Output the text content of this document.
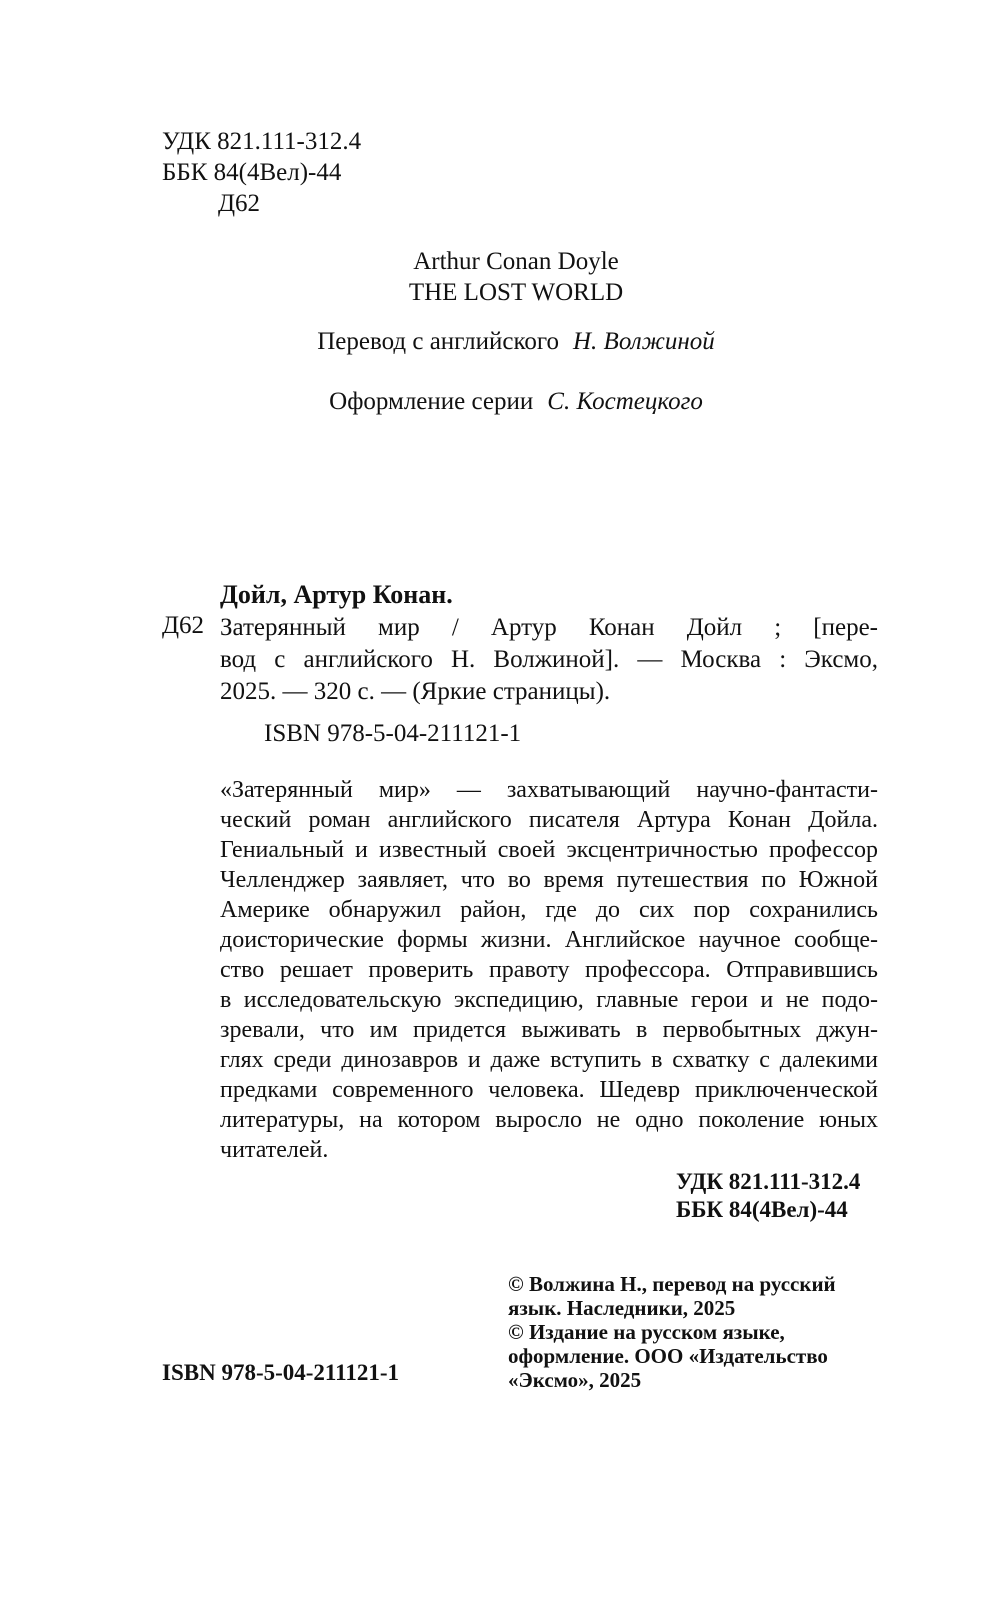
УДК 821.111-312.4
ББК 84(4Вел)-44
Д62
Arthur Conan Doyle
THE LOST WORLD
Перевод с английского Н. Волжиной
Оформление серии С. Костецкого
Дойл, Артур Конан.
Д62 Затерянный мир / Артур Конан Дойл ; [пере-
вод с английского Н. Волжиной]. — Москва : Эксмо,
2025. — 320 с. — (Яркие страницы).
ISBN 978-5-04-211121-1
«Затерянный мир» — захватывающий научно-фантасти-
ческий роман английского писателя Артура Конан Дойла.
Гениальный и известный своей эксцентричностью профессор
Челленджер заявляет, что во время путешествия по Южной
Америке обнаружил район, где до сих пор сохранились
доисторические формы жизни. Английское научное сообще-
ство решает проверить правоту профессора. Отправившись
в исследовательскую экспедицию, главные герои и не подо-
зревали, что им придется выживать в первобытных джун-
глях среди динозавров и даже вступить в схватку с далекими
предками современного человека. Шедевр приключенческой
литературы, на котором выросло не одно поколение юных
читателей.
УДК 821.111-312.4
ББК 84(4Вел)-44
© Волжина Н., перевод на русский
язык. Наследники, 2025
© Издание на русском языке,
оформление. ООО «Издательство
«Эксмо», 2025
ISBN 978-5-04-211121-1
